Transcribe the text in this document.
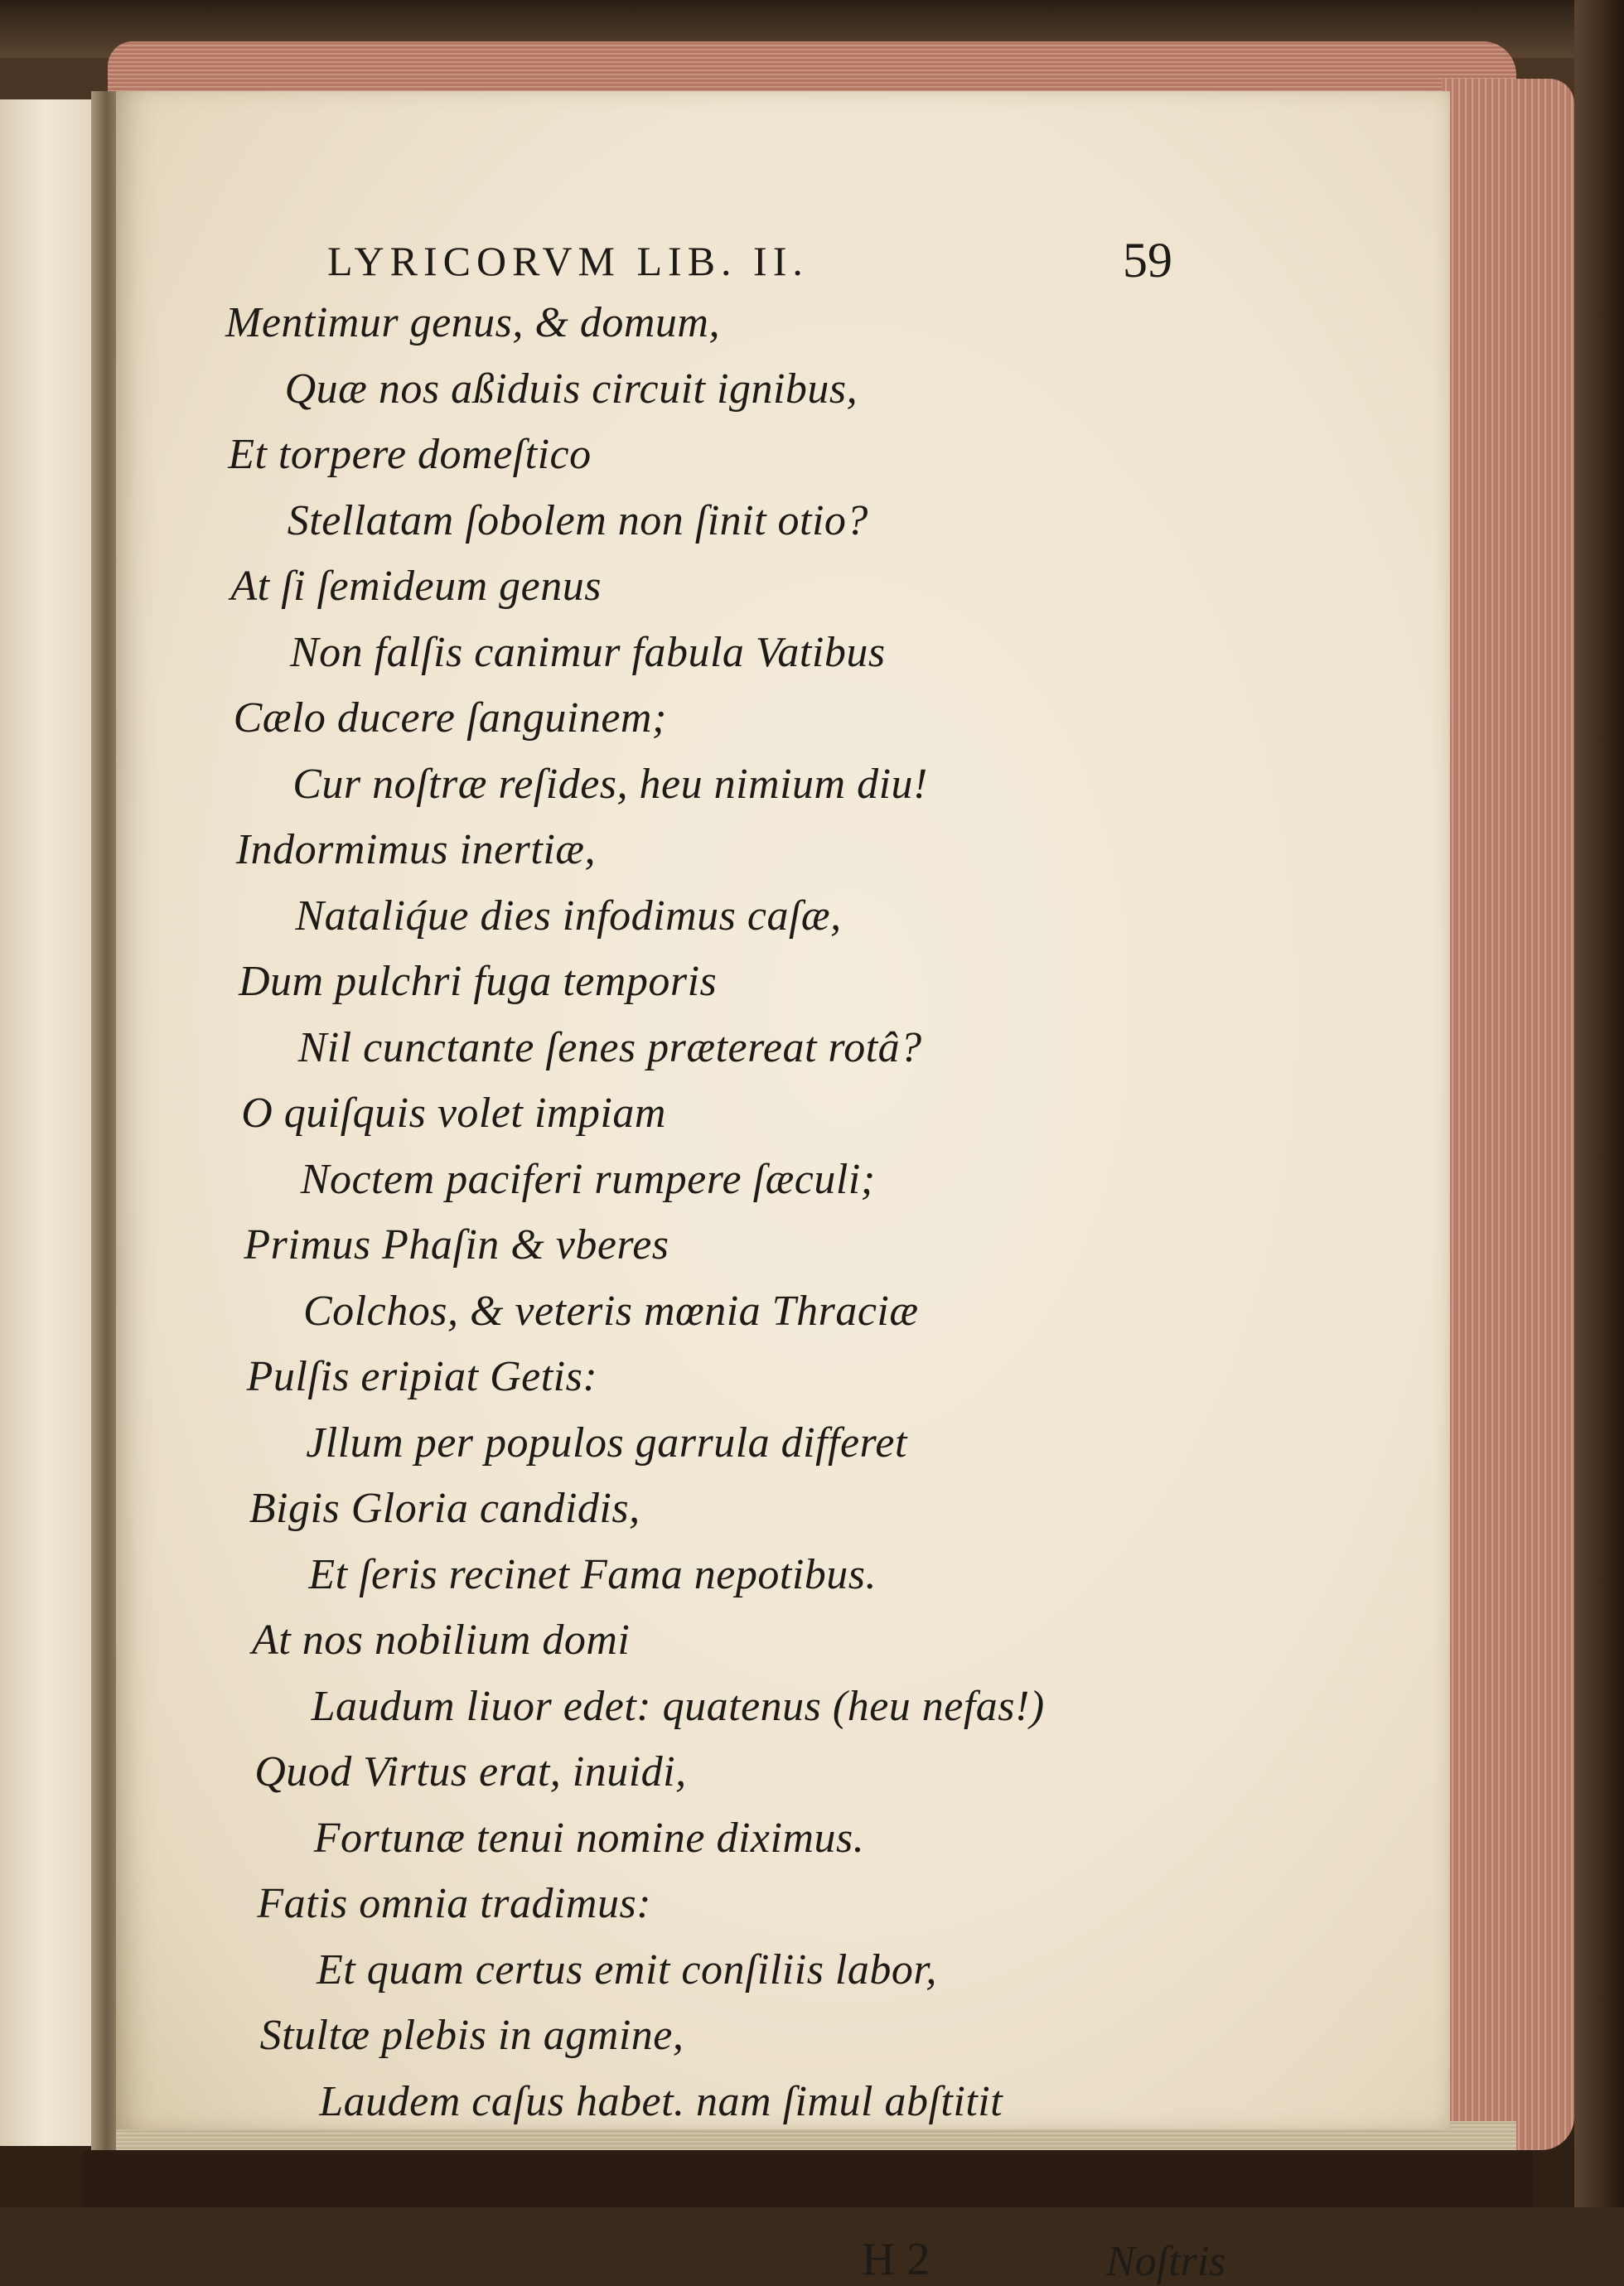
LYRICORVM LIB. II.	59
Mentimur genus, & domum,
Quæ nos aßiduis circuit ignibus,
Et torpere domeſtico
Stellatam ſobolem non ſinit otio?
At ſi ſemideum genus
Non falſis canimur fabula Vatibus
Cælo ducere ſanguinem;
Cur noſtræ reſides, heu nimium diu!
Indormimus inertiæ,
Nataliq́ue dies infodimus caſæ,
Dum pulchri fuga temporis
Nil cunctante ſenes prætereat rotâ?
O quiſquis volet impiam
Noctem paciferi rumpere ſæculi;
Primus Phaſin & vberes
Colchos, & veteris mœnia Thraciæ
Pulſis eripiat Getis:
Jllum per populos garrula differet
Bigis Gloria candidis,
Et ſeris recinet Fama nepotibus.
At nos nobilium domi
Laudum liuor edet: quatenus (heu nefas!)
Quod Virtus erat, inuidi,
Fortunæ tenui nomine diximus.
Fatis omnia tradimus:
Et quam certus emit conſiliis labor,
Stultæ plebis in agmine,
Laudem caſus habet. nam ſimul abſtitit
H 2	Noſtris
